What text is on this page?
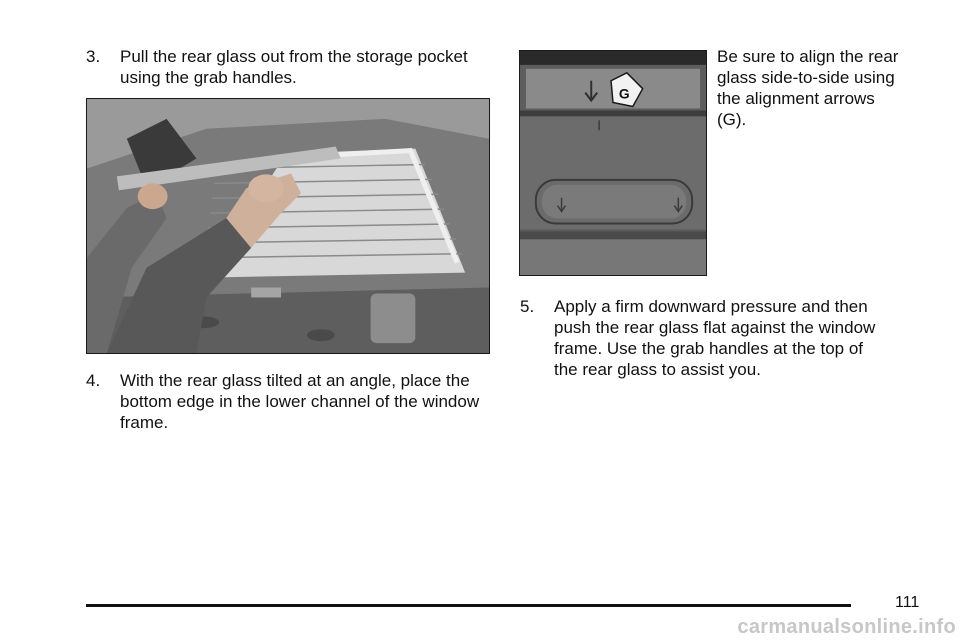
3. Pull the rear glass out from the storage pocket using the grab handles.
4. With the rear glass tilted at an angle, place the bottom edge in the lower channel of the window frame.
G
Be sure to align the rear glass side-to-side using the alignment arrows (G).
5. Apply a firm downward pressure and then push the rear glass flat against the window frame. Use the grab handles at the top of the rear glass to assist you.
111
carmanualsonline.info
